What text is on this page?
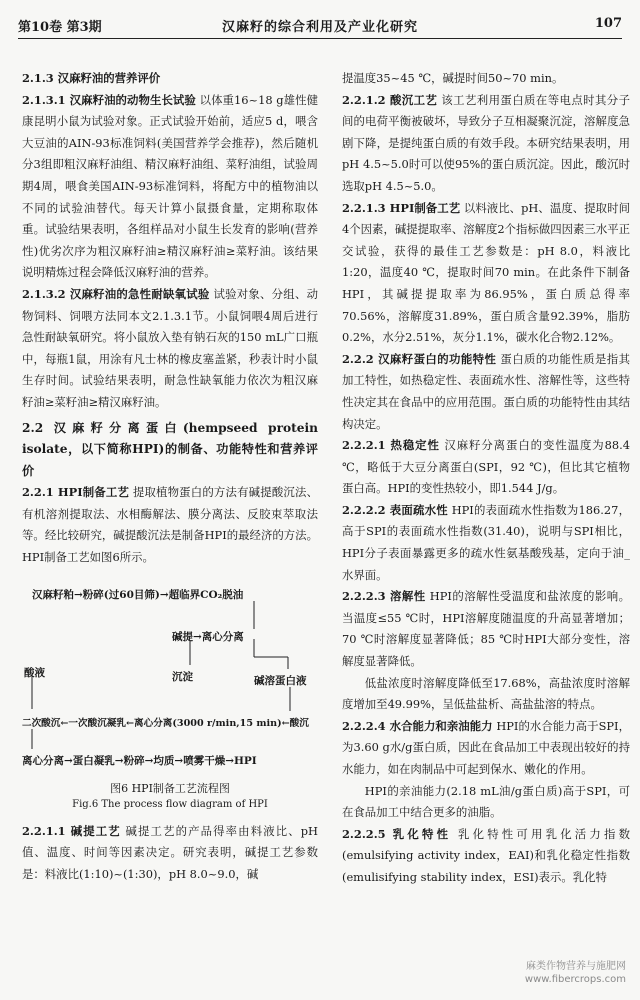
第10卷 第3期	汉麻籽的综合利用及产业化研究	107

2.1.3 汉麻籽油的营养评价

2.1.3.1 汉麻籽油的动物生长试验 以体重16~18 g雄性健康昆明小鼠为试验对象。正式试验开始前，适应5 d，喂含大豆油的AIN-93标准饲料(美国营养学会推荐)，然后随机分3组即粗汉麻籽油组、精汉麻籽油组、菜籽油组，试验周期4周，喂食美国AIN-93标准饲料，将配方中的植物油以不同的试验油替代。每天计算小鼠摄食量，定期称取体重。试验结果表明，各组样品对小鼠生长发育的影响(营养性)优劣次序为粗汉麻籽油≥精汉麻籽油≥菜籽油。该结果说明精炼过程会降低汉麻籽油的营养。

2.1.3.2 汉麻籽油的急性耐缺氧试验 试验对象、分组、动物饲料、饲喂方法同本文2.1.3.1节。小鼠饲喂4周后进行急性耐缺氧研究。将小鼠放入垫有钠石灰的150 mL广口瓶中，每瓶1鼠，用涂有凡士林的橡皮塞盖紧，秒表计时小鼠生存时间。试验结果表明，耐急性缺氧能力依次为粗汉麻籽油≥菜籽油≥精汉麻籽油。

2.2 汉麻籽分离蛋白(hempseed protein isolate，以下简称HPI)的制备、功能特性和营养评价

2.2.1 HPI制备工艺 提取植物蛋白的方法有碱提酸沉法、有机溶剂提取法、水相酶解法、膜分离法、反胶束萃取法等。经比较研究，碱提酸沉法是制备HPI的最经济的方法。HPI制备工艺如图6所示。

汉麻籽粕→粉碎(过60目筛)→超临界CO₂脱油
碱提→离心分离
沉淀	碱溶蛋白液
酸液
二次酸沉←一次酸沉凝乳←离心分离(3000 r/min,15 min)←酸沉
离心分离→蛋白凝乳→粉碎→均质→喷雾干燥→HPI

图6 HPI制备工艺流程图

Fig.6 The process flow diagram of HPI

2.2.1.1 碱提工艺 碱提工艺的产品得率由料液比、pH值、温度、时间等因素决定。研究表明，碱提工艺参数是：料液比(1:10)~(1:30)，pH 8.0~9.0，碱

提温度35~45 ℃，碱提时间50~70 min。

2.2.1.2 酸沉工艺 该工艺利用蛋白质在等电点时其分子间的电荷平衡被破坏，导致分子互相凝聚沉淀，溶解度急剧下降，是提纯蛋白质的有效手段。本研究结果表明，用pH 4.5~5.0时可以使95%的蛋白质沉淀。因此，酸沉时选取pH 4.5~5.0。

2.2.1.3 HPI制备工艺 以料液比、pH、温度、提取时间4个因素，碱提提取率、溶解度2个指标做四因素三水平正交试验，获得的最佳工艺参数是：pH 8.0，料液比1:20，温度40 ℃，提取时间70 min。在此条件下制备HPI，其碱提提取率为86.95%，蛋白质总得率70.56%，溶解度31.89%，蛋白质含量92.39%，脂肪0.2%，水分2.51%，灰分1.1%，碳水化合物2.12%。

2.2.2 汉麻籽蛋白的功能特性 蛋白质的功能性质是指其加工特性，如热稳定性、表面疏水性、溶解性等，这些特性决定其在食品中的应用范围。蛋白质的功能特性由其结构决定。

2.2.2.1 热稳定性 汉麻籽分离蛋白的变性温度为88.4 ℃，略低于大豆分离蛋白(SPI，92 ℃)，但比其它植物蛋白高。HPI的变性热较小，即1.544 J/g。

2.2.2.2 表面疏水性 HPI的表面疏水性指数为186.27，高于SPI的表面疏水性指数(31.40)，说明与SPI相比，HPI分子表面暴露更多的疏水性氨基酸残基，定向于油_水界面。

2.2.2.3 溶解性 HPI的溶解性受温度和盐浓度的影响。当温度≤55 ℃时，HPI溶解度随温度的升高显著增加；70 ℃时溶解度显著降低；85 ℃时HPI大部分变性，溶解度显著降低。

低盐浓度时溶解度降低至17.68%，高盐浓度时溶解度增加至49.99%，呈低盐盐析、高盐盐溶的特点。

2.2.2.4 水合能力和亲油能力 HPI的水合能力高于SPI，为3.60 g水/g蛋白质，因此在食品加工中表现出较好的持水能力，如在肉制品中可起到保水、嫩化的作用。

HPI的亲油能力(2.18 mL油/g蛋白质)高于SPI，可在食品加工中结合更多的油脂。

2.2.2.5 乳化特性 乳化特性可用乳化活力指数(emulsifying activity index，EAI)和乳化稳定性指数(emulisifying stability index，ESI)表示。乳化特

麻类作物营养与施肥网
www.fibercrops.com
